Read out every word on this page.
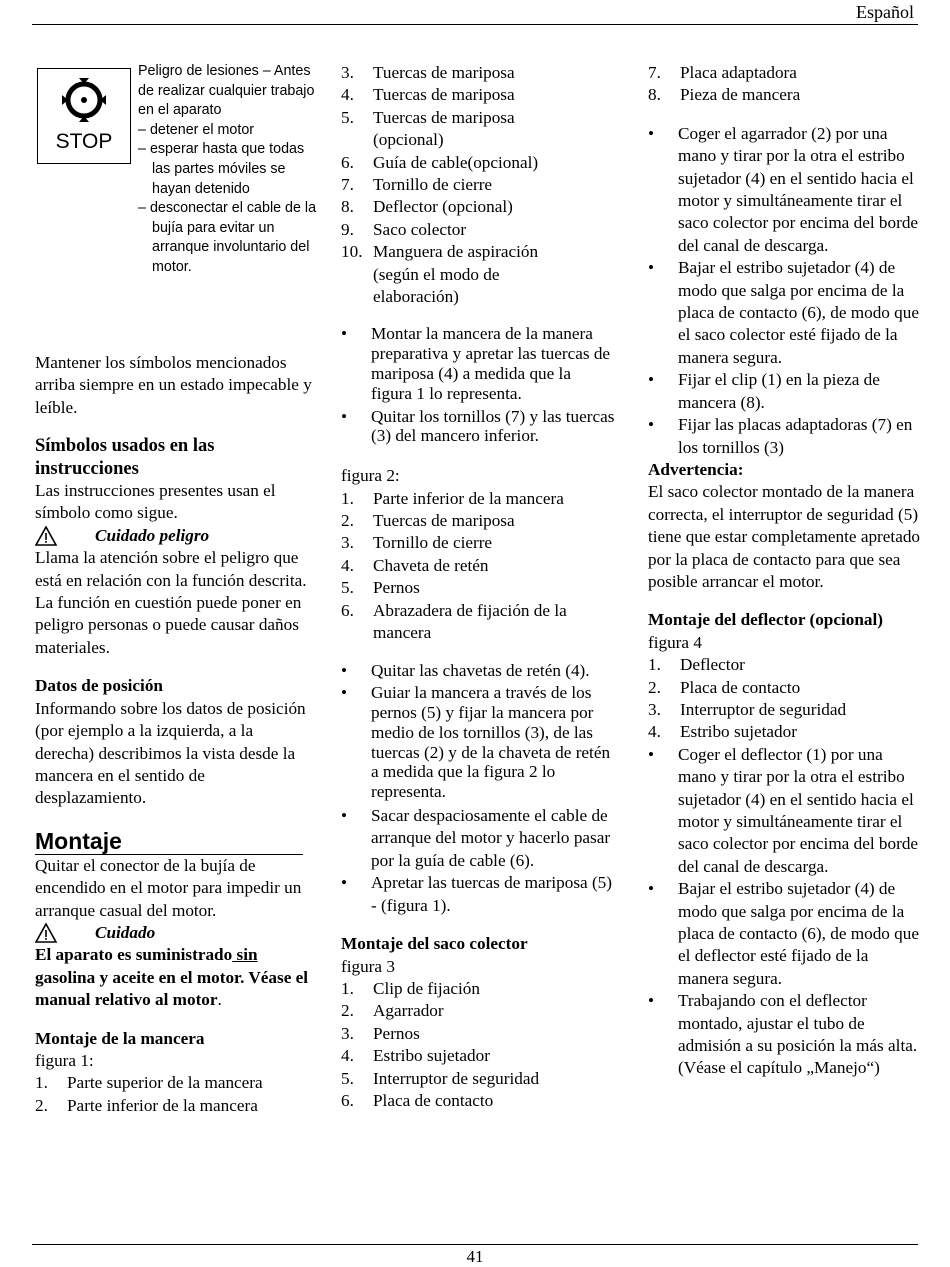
Español
STOP
Peligro de lesiones – Antes de realizar cualquier trabajo en el aparato
– detener el motor
– esperar hasta que todas las partes móviles se hayan detenido
– desconectar el cable de la bujía para evitar un arranque involuntario del motor.

Mantener los símbolos mencionados arriba siempre en un estado impecable y leíble.

Símbolos usados en las instrucciones

Las instrucciones presentes usan el símbolo como sigue.

Cuidado peligro

Llama la atención sobre el peligro que está en relación con la función descrita. La función en cuestión puede poner en peligro personas o puede causar daños materiales.

Datos de posición

Informando sobre los datos de posición (por ejemplo a la izquierda, a la derecha) describimos la vista desde la mancera en el sentido de desplazamiento.

Montaje

Quitar el conector de la bujía de encendido en el motor para impedir un arranque casual del motor.

Cuidado

El aparato es suministrado sin gasolina y aceite en el motor. Véase el manual relativo al motor.

Montaje de la mancera

figura 1:

1.	Parte superior de la mancera
2.	Parte inferior de la mancera
3.	Tuercas de mariposa
4.	Tuercas de mariposa
5.	Tuercas de mariposa (opcional)
6.	Guía de cable(opcional)
7.	Tornillo de cierre
8.	Deflector (opcional)
9.	Saco colector
10. Manguera de aspiración (según el modo de elaboración)
•	Montar la mancera de la manera preparativa y apretar las tuercas de mariposa (4) a medida que la figura 1 lo representa.
•	Quitar los tornillos (7) y las tuercas (3) del mancero inferior.

figura 2:

1.	Parte inferior de la mancera
2.	Tuercas de mariposa
3.	Tornillo de cierre
4.	Chaveta de retén
5.	Pernos
6.	Abrazadera de fijación de la mancera
•	Quitar las chavetas de retén (4).
•	Guiar la mancera a través de los pernos (5) y fijar la mancera por medio de los tornillos (3), de las tuercas (2) y de la chaveta de retén a medida que la figura 2 lo representa.
•	Sacar despaciosamente el cable de arranque del motor y hacerlo pasar por la guía de cable (6).
•	Apretar las tuercas de mariposa (5) - (figura 1).

Montaje del saco colector

figura 3

1.	Clip de fijación
2.	Agarrador
3.	Pernos
4.	Estribo sujetador
5.	Interruptor de seguridad
6.	Placa de contacto
7.	Placa adaptadora
8.	Pieza de mancera
•	Coger el agarrador (2) por una mano y tirar por la otra el estribo sujetador (4) en el sentido hacia el motor y simultáneamente tirar el saco colector por encima del borde del canal de descarga.
•	Bajar el estribo sujetador (4) de modo que salga por encima de la placa de contacto (6), de modo que el saco colector esté fijado de la manera segura.
•	Fijar el clip (1) en la pieza de mancera (8).
•	Fijar las placas adaptadoras (7) en los tornillos (3)

Advertencia:

El saco colector montado de la manera correcta, el interruptor de seguridad (5) tiene que estar completamente apretado por la placa de contacto para que sea posible arrancar el motor.

Montaje del deflector (opcional)

figura 4

1.	Deflector
2.	Placa de contacto
3.	Interruptor de seguridad
4.	Estribo sujetador
•	Coger el deflector (1) por una mano y tirar por la otra el estribo sujetador (4) en el sentido hacia el motor y simultáneamente tirar el saco colector por encima del borde del canal de descarga.
•	Bajar el estribo sujetador (4) de modo que salga por encima de la placa de contacto (6), de modo que el deflector esté fijado de la manera segura.
•	Trabajando con el deflector montado, ajustar el tubo de admisión a su posición la más alta.(Véase el capítulo „Manejo“)
41
